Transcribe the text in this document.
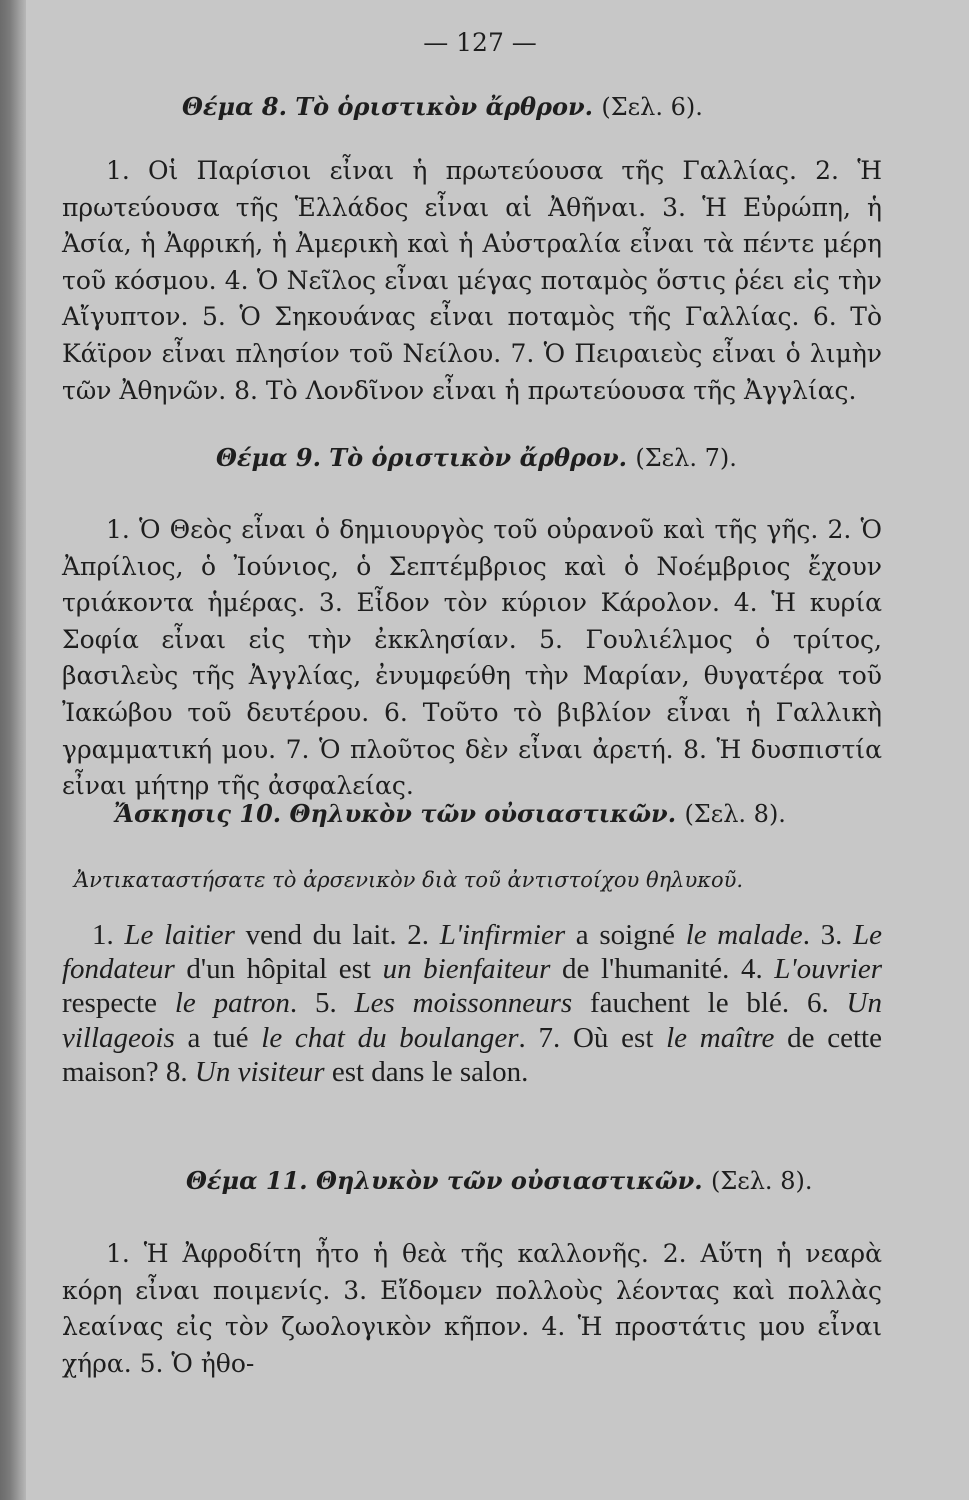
— 127 —
Θέμα 8. Τὸ ὁριστικὸν ἄρθρον. (Σελ. 6).
1. Οἱ Παρίσιοι εἶναι ἡ πρωτεύουσα τῆς Γαλλίας. 2. Ἡ πρωτεύουσα τῆς Ἑλλάδος εἶναι αἱ Ἀθῆναι. 3. Ἡ Εὐρώπη, ἡ Ἀσία, ἡ Ἀφρική, ἡ Ἀμερικὴ καὶ ἡ Αὐστραλία εἶναι τὰ πέντε μέρη τοῦ κόσμου. 4. Ὁ Νεῖλος εἶναι μέγας ποταμὸς ὅστις ῥέει εἰς τὴν Αἴγυπτον. 5. Ὁ Σηκουάνας εἶναι ποταμὸς τῆς Γαλλίας. 6. Τὸ Κάϊρον εἶναι πλησίον τοῦ Νείλου. 7. Ὁ Πειραιεὺς εἶναι ὁ λιμὴν τῶν Ἀθηνῶν. 8. Τὸ Λονδῖνον εἶναι ἡ πρωτεύουσα τῆς Ἀγγλίας.
Θέμα 9. Τὸ ὁριστικὸν ἄρθρον. (Σελ. 7).
1. Ὁ Θεὸς εἶναι ὁ δημιουργὸς τοῦ οὐρανοῦ καὶ τῆς γῆς. 2. Ὁ Ἀπρίλιος, ὁ Ἰούνιος, ὁ Σεπτέμβριος καὶ ὁ Νοέμβριος ἔχουν τριάκοντα ἡμέρας. 3. Εἶδον τὸν κύριον Κάρολον. 4. Ἡ κυρία Σοφία εἶναι εἰς τὴν ἐκκλησίαν. 5. Γουλιέλμος ὁ τρίτος, βασιλεὺς τῆς Ἀγγλίας, ἐνυμφεύθη τὴν Μαρίαν, θυγατέρα τοῦ Ἰακώβου τοῦ δευτέρου. 6. Τοῦτο τὸ βιβλίον εἶναι ἡ Γαλλικὴ γραμματική μου. 7. Ὁ πλοῦτος δὲν εἶναι ἀρετή. 8. Ἡ δυσπιστία εἶναι μήτηρ τῆς ἀσφαλείας.
Ἄσκησις 10. Θηλυκὸν τῶν οὐσιαστικῶν. (Σελ. 8).
Ἀντικαταστήσατε τὸ ἀρσενικὸν διὰ τοῦ ἀντιστοίχου θηλυκοῦ.
1. Le laitier vend du lait. 2. L'infirmier a soigné le malade. 3. Le fondateur d'un hôpital est un bienfaiteur de l'humanité. 4. L'ouvrier respecte le patron. 5. Les moissonneurs fauchent le blé. 6. Un villageois a tué le chat du boulanger. 7. Où est le maître de cette maison? 8. Un visiteur est dans le salon.
Θέμα 11. Θηλυκὸν τῶν οὐσιαστικῶν. (Σελ. 8).
1. Ἡ Ἀφροδίτη ἦτο ἡ θεὰ τῆς καλλονῆς. 2. Αὕτη ἡ νεαρὰ κόρη εἶναι ποιμενίς. 3. Εἴδομεν πολλοὺς λέοντας καὶ πολλὰς λεαίνας εἰς τὸν ζωολογικὸν κῆπον. 4. Ἡ προστάτις μου εἶναι χήρα. 5. Ὁ ἠθο-
